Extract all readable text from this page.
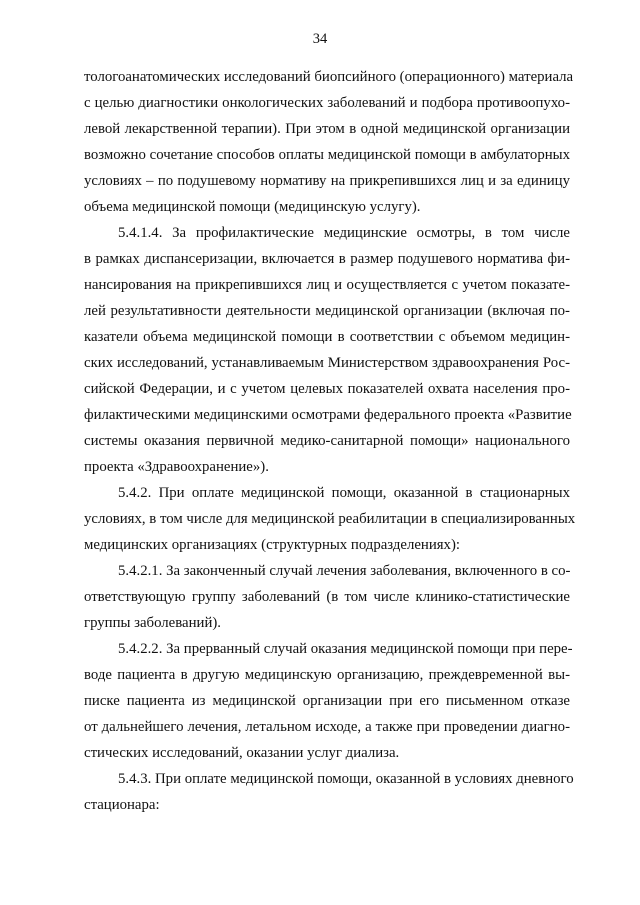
34
тологоанатомических исследований биопсийного (операционного) материала
с целью диагностики онкологических заболеваний и подбора противоопухо-
левой лекарственной терапии). При этом в одной медицинской организации
возможно сочетание способов оплаты медицинской помощи в амбулаторных
условиях – по подушевому нормативу на прикрепившихся лиц и за единицу
объема медицинской помощи (медицинскую услугу).
5.4.1.4. За профилактические медицинские осмотры, в том числе
в рамках диспансеризации, включается в размер подушевого норматива фи-
нансирования на прикрепившихся лиц и осуществляется с учетом показате-
лей результативности деятельности медицинской организации (включая по-
казатели объема медицинской помощи в соответствии с объемом медицин-
ских исследований, устанавливаемым Министерством здравоохранения Рос-
сийской Федерации, и с учетом целевых показателей охвата населения про-
филактическими медицинскими осмотрами федерального проекта «Развитие
системы оказания первичной медико-санитарной помощи» национального
проекта «Здравоохранение»).
5.4.2. При оплате медицинской помощи, оказанной в стационарных
условиях, в том числе для медицинской реабилитации в специализированных
медицинских организациях (структурных подразделениях):
5.4.2.1. За законченный случай лечения заболевания, включенного в со-
ответствующую группу заболеваний (в том числе клинико-статистические
группы заболеваний).
5.4.2.2. За прерванный случай оказания медицинской помощи при пере-
воде пациента в другую медицинскую организацию, преждевременной вы-
писке пациента из медицинской организации при его письменном отказе
от дальнейшего лечения, летальном исходе, а также при проведении диагно-
стических исследований, оказании услуг диализа.
5.4.3. При оплате медицинской помощи, оказанной в условиях дневного
стационара:
